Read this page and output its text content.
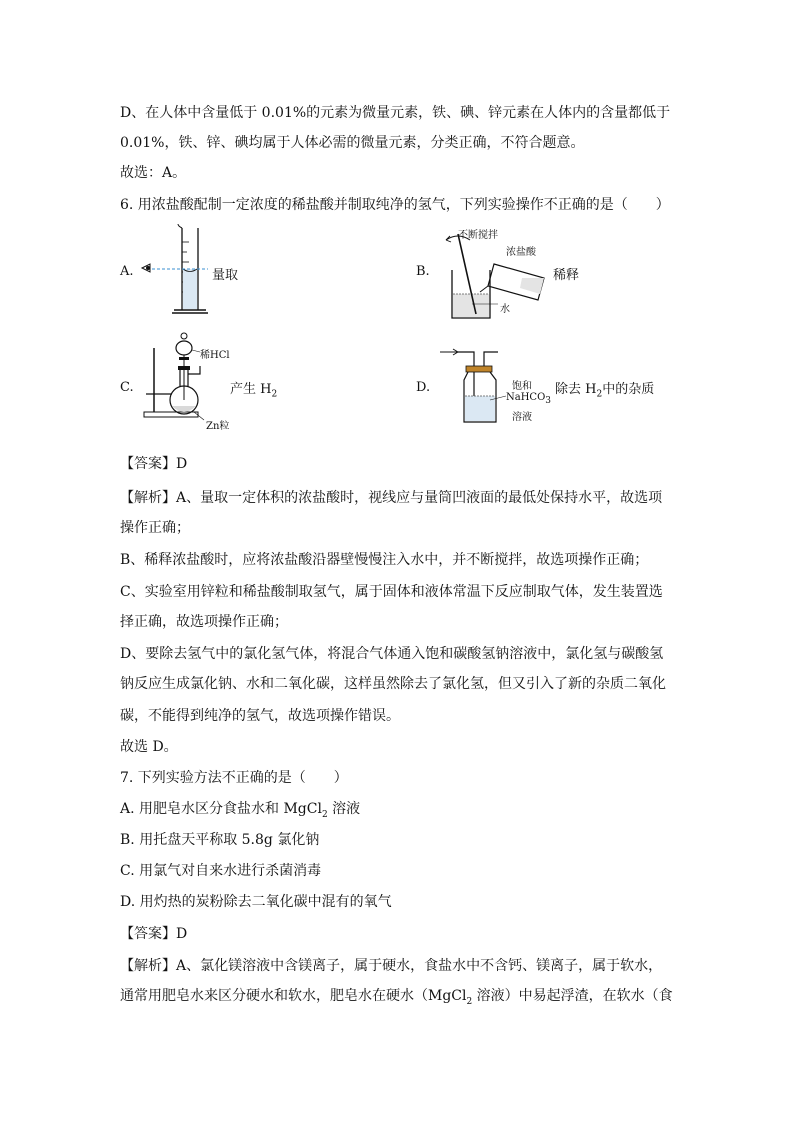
D、在人体中含量低于 0.01%的元素为微量元素，铁、碘、锌元素在人体内的含量都低于
0.01%，铁、锌、碘均属于人体必需的微量元素，分类正确，不符合题意。
故选：A。
6. 用浓盐酸配制一定浓度的稀盐酸并制取纯净的氢气，下列实验操作不正确的是（　　）
A.	量取	B.
不断搅拌
浓盐酸
水
稀释
C.
稀HCl
Zn粒
产生 $H_2$	D.	饱和
NaHCO$_3$
溶液
除去 $H_2$中的杂质
【答案】D
【解析】A、量取一定体积的浓盐酸时，视线应与量筒凹液面的最低处保持水平，故选项
操作正确；
B、稀释浓盐酸时，应将浓盐酸沿器壁慢慢注入水中，并不断搅拌，故选项操作正确；
C、实验室用锌粒和稀盐酸制取氢气，属于固体和液体常温下反应制取气体，发生装置选
择正确，故选项操作正确；
D、要除去氢气中的氯化氢气体，将混合气体通入饱和碳酸氢钠溶液中，氯化氢与碳酸氢
钠反应生成氯化钠、水和二氧化碳，这样虽然除去了氯化氢，但又引入了新的杂质二氧化
碳，不能得到纯净的氢气，故选项操作错误。
故选 D。
7. 下列实验方法不正确的是（　　）
A. 用肥皂水区分食盐水和 MgCl$_2$ 溶液
B. 用托盘天平称取 5.8g 氯化钠
C. 用氯气对自来水进行杀菌消毒
D. 用灼热的炭粉除去二氧化碳中混有的氧气
【答案】D
【解析】A、氯化镁溶液中含镁离子，属于硬水，食盐水中不含钙、镁离子，属于软水，
通常用肥皂水来区分硬水和软水，肥皂水在硬水（MgCl$_2$ 溶液）中易起浮渣，在软水（食
